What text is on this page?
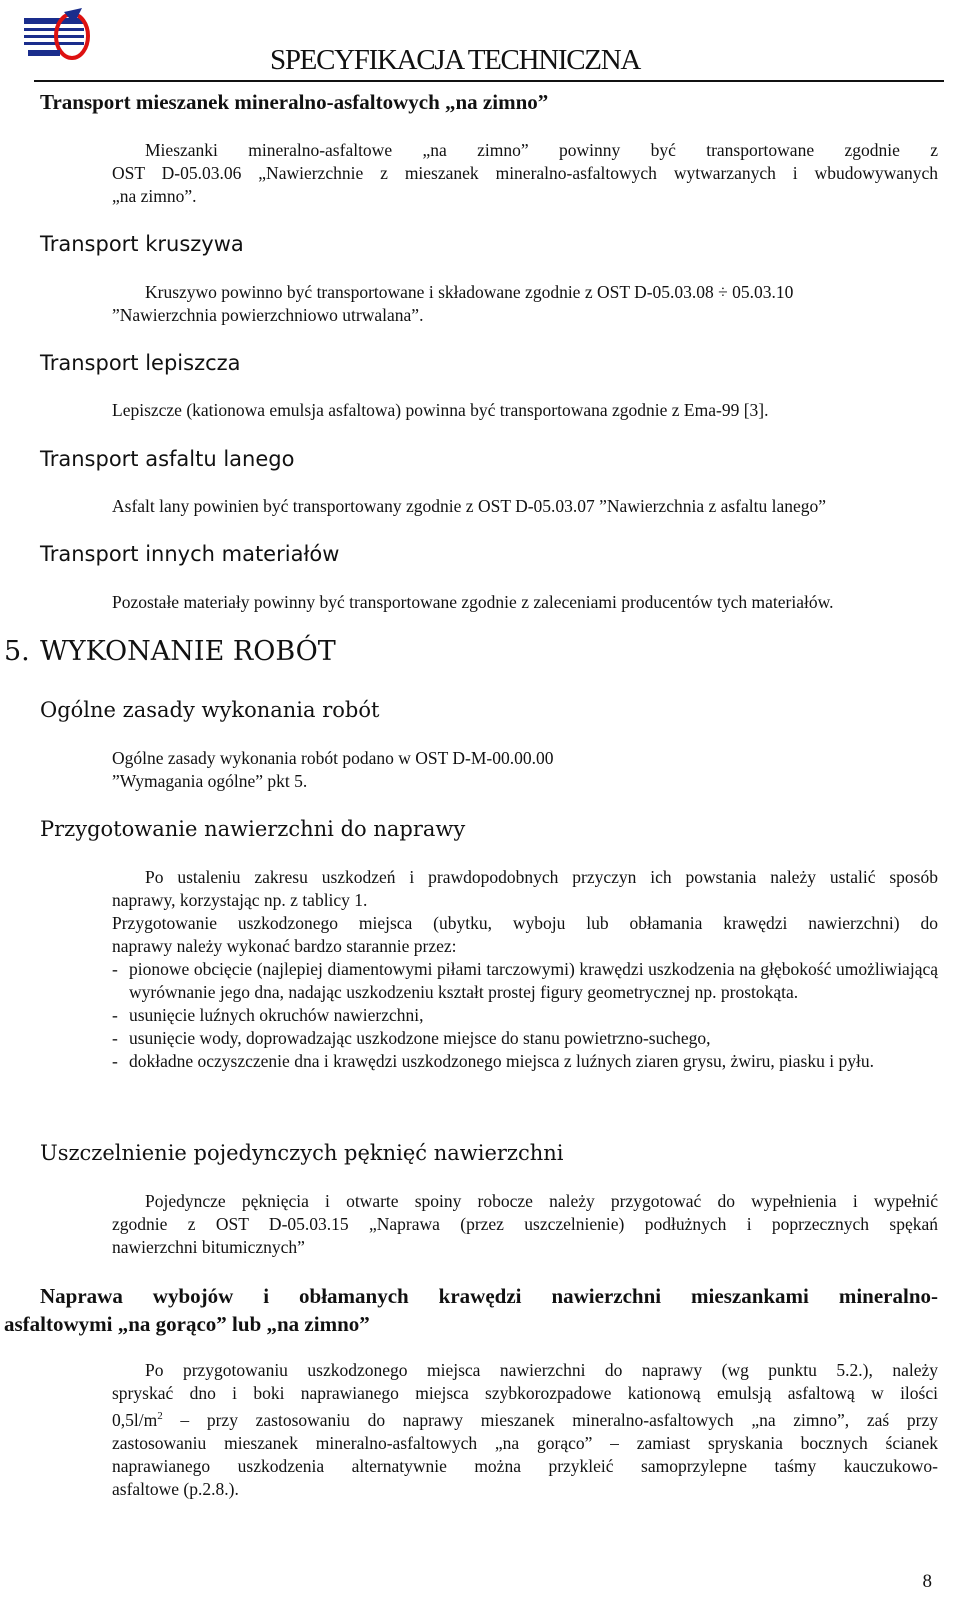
SPECYFIKACJA TECHNICZNA
Transport mieszanek mineralno-asfaltowych „na zimno”
Mieszanki mineralno-asfaltowe „na zimno” powinny być transportowane zgodnie z
OST D-05.03.06 „Nawierzchnie z mieszanek mineralno-asfaltowych wytwarzanych i wbudowywanych
„na zimno”.
Transport kruszywa
Kruszywo powinno być transportowane i składowane zgodnie z OST D-05.03.08 ÷ 05.03.10
”Nawierzchnia powierzchniowo utrwalana”.
Transport lepiszcza
Lepiszcze (kationowa emulsja asfaltowa) powinna być transportowana zgodnie z Ema-99 [3].
Transport asfaltu lanego
Asfalt lany powinien być transportowany zgodnie z OST D-05.03.07 ”Nawierzchnia z asfaltu lanego”
Transport innych materiałów
Pozostałe materiały powinny być transportowane zgodnie z zaleceniami producentów tych materiałów.
5. WYKONANIE ROBÓT
Ogólne zasady wykonania robót
Ogólne zasady wykonania robót podano w OST D-M-00.00.00
”Wymagania ogólne” pkt 5.
Przygotowanie nawierzchni do naprawy
Po ustaleniu zakresu uszkodzeń i prawdopodobnych przyczyn ich powstania należy ustalić sposób
naprawy, korzystając np. z tablicy 1.
Przygotowanie uszkodzonego miejsca (ubytku, wyboju lub obłamania krawędzi nawierzchni) do
naprawy należy wykonać bardzo starannie przez:
- pionowe obcięcie (najlepiej diamentowymi piłami tarczowymi) krawędzi uszkodzenia na głębokość umożliwiającą wyrównanie jego dna, nadając uszkodzeniu kształt prostej figury geometrycznej np. prostokąta.
- usunięcie luźnych okruchów nawierzchni,
- usunięcie wody, doprowadzając uszkodzone miejsce do stanu powietrzno-suchego,
- dokładne oczyszczenie dna i krawędzi uszkodzonego miejsca z luźnych ziaren grysu, żwiru, piasku i pyłu.
Uszczelnienie pojedynczych pęknięć nawierzchni
Pojedyncze pęknięcia i otwarte spoiny robocze należy przygotować do wypełnienia i wypełnić
zgodnie z OST D-05.03.15 „Naprawa (przez uszczelnienie) podłużnych i poprzecznych spękań
nawierzchni bitumicznych”
Naprawa wybojów i obłamanych krawędzi nawierzchni mieszankami mineralno-
asfaltowymi „na gorąco” lub „na zimno”
Po przygotowaniu uszkodzonego miejsca nawierzchni do naprawy (wg punktu 5.2.), należy
spryskać dno i boki naprawianego miejsca szybkorozpadowe kationową emulsją asfaltową w ilości
$0,5l/m^2$ – przy zastosowaniu do naprawy mieszanek mineralno-asfaltowych „na zimno”, zaś przy
zastosowaniu mieszanek mineralno-asfaltowych „na gorąco” – zamiast spryskania bocznych ścianek
naprawianego uszkodzenia alternatywnie można przykleić samoprzylepne taśmy kauczukowo-
asfaltowe (p.2.8.).
8
